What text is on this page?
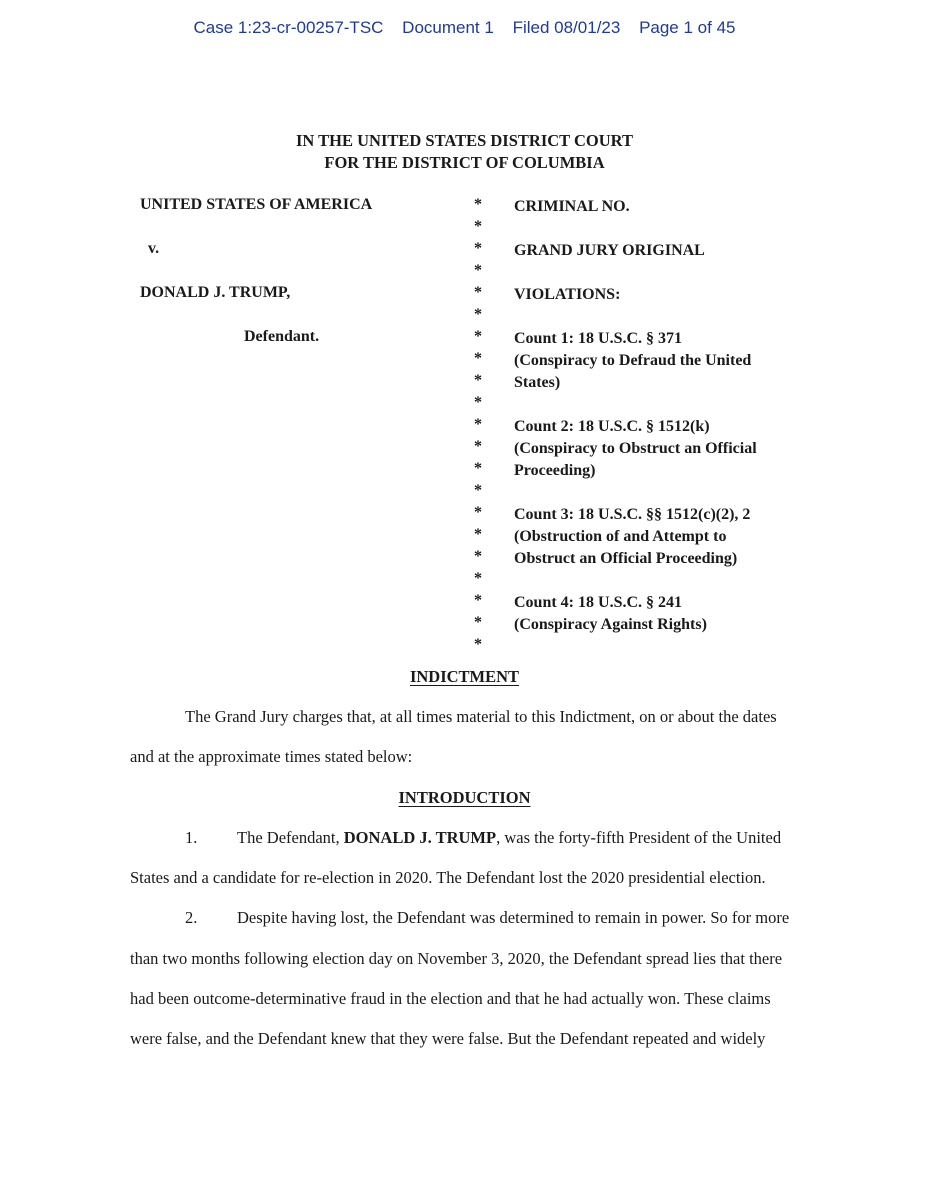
Case 1:23-cr-00257-TSC Document 1 Filed 08/01/23 Page 1 of 45
IN THE UNITED STATES DISTRICT COURT
FOR THE DISTRICT OF COLUMBIA
UNITED STATES OF AMERICA
v.
DONALD J. TRUMP,
Defendant.
*
*
*
*
*
*
*
*
*
*
*
*
*
*
*
*
*
*
*
*
*
CRIMINAL NO.
GRAND JURY ORIGINAL
VIOLATIONS:
Count 1: 18 U.S.C. § 371
(Conspiracy to Defraud the United
States)
Count 2: 18 U.S.C. § 1512(k)
(Conspiracy to Obstruct an Official
Proceeding)
Count 3: 18 U.S.C. §§ 1512(c)(2), 2
(Obstruction of and Attempt to
Obstruct an Official Proceeding)
Count 4: 18 U.S.C. § 241
(Conspiracy Against Rights)
INDICTMENT
The Grand Jury charges that, at all times material to this Indictment, on or about the dates
and at the approximate times stated below:
INTRODUCTION
1. The Defendant, DONALD J. TRUMP, was the forty-fifth President of the United
States and a candidate for re-election in 2020. The Defendant lost the 2020 presidential election.
2. Despite having lost, the Defendant was determined to remain in power. So for more
than two months following election day on November 3, 2020, the Defendant spread lies that there
had been outcome-determinative fraud in the election and that he had actually won. These claims
were false, and the Defendant knew that they were false. But the Defendant repeated and widely
